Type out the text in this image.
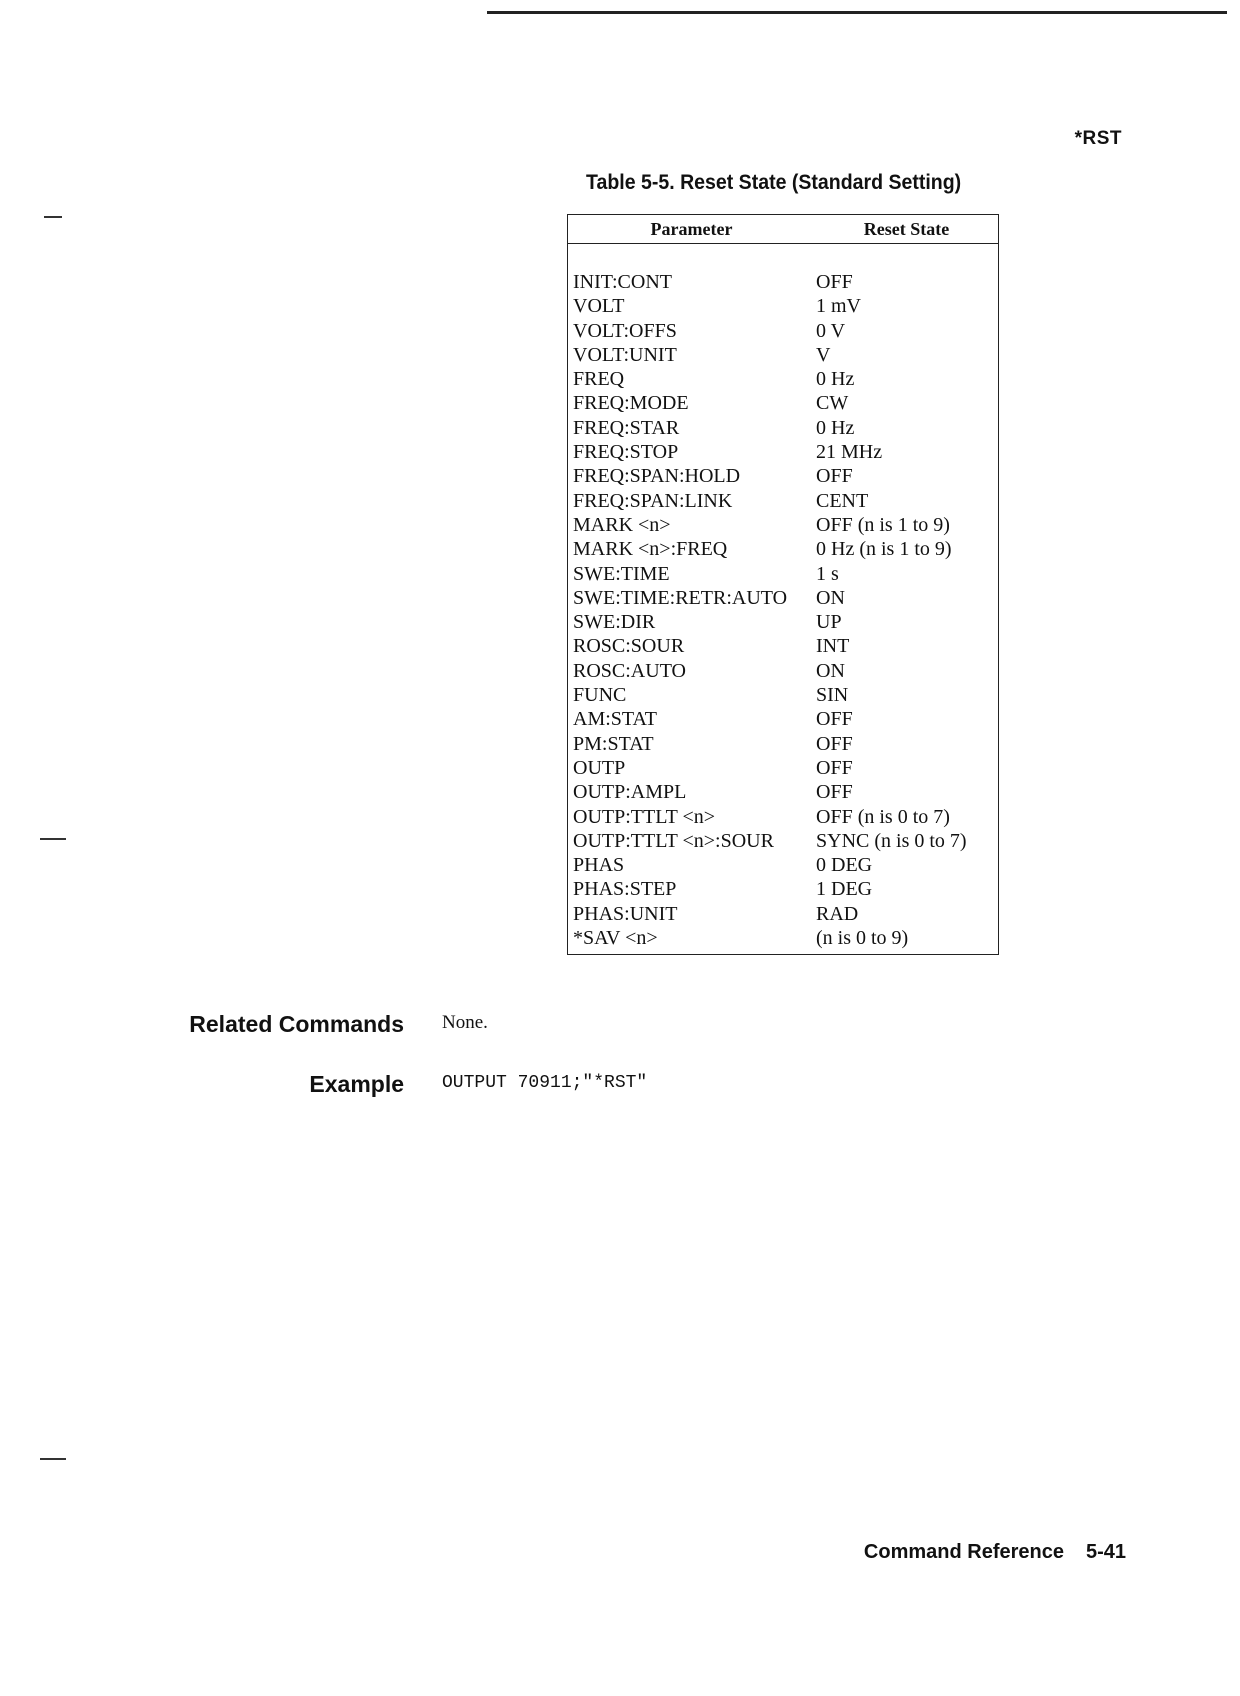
*RST
Table 5-5. Reset State (Standard Setting)
Parameter	Reset State
INIT:CONT	OFF
VOLT	1 mV
VOLT:OFFS	0 V
VOLT:UNIT	V
FREQ	0 Hz
FREQ:MODE	CW
FREQ:STAR	0 Hz
FREQ:STOP	21 MHz
FREQ:SPAN:HOLD	OFF
FREQ:SPAN:LINK	CENT
MARK <n>	OFF (n is 1 to 9)
MARK <n>:FREQ	0 Hz (n is 1 to 9)
SWE:TIME	1 s
SWE:TIME:RETR:AUTO	ON
SWE:DIR	UP
ROSC:SOUR	INT
ROSC:AUTO	ON
FUNC	SIN
AM:STAT	OFF
PM:STAT	OFF
OUTP	OFF
OUTP:AMPL	OFF
OUTP:TTLT <n>	OFF (n is 0 to 7)
OUTP:TTLT <n>:SOUR	SYNC (n is 0 to 7)
PHAS	0 DEG
PHAS:STEP	1 DEG
PHAS:UNIT	RAD
*SAV <n>	(n is 0 to 9)
Related Commands None.
Example OUTPUT 70911;"*RST"
Command Reference 5-41
